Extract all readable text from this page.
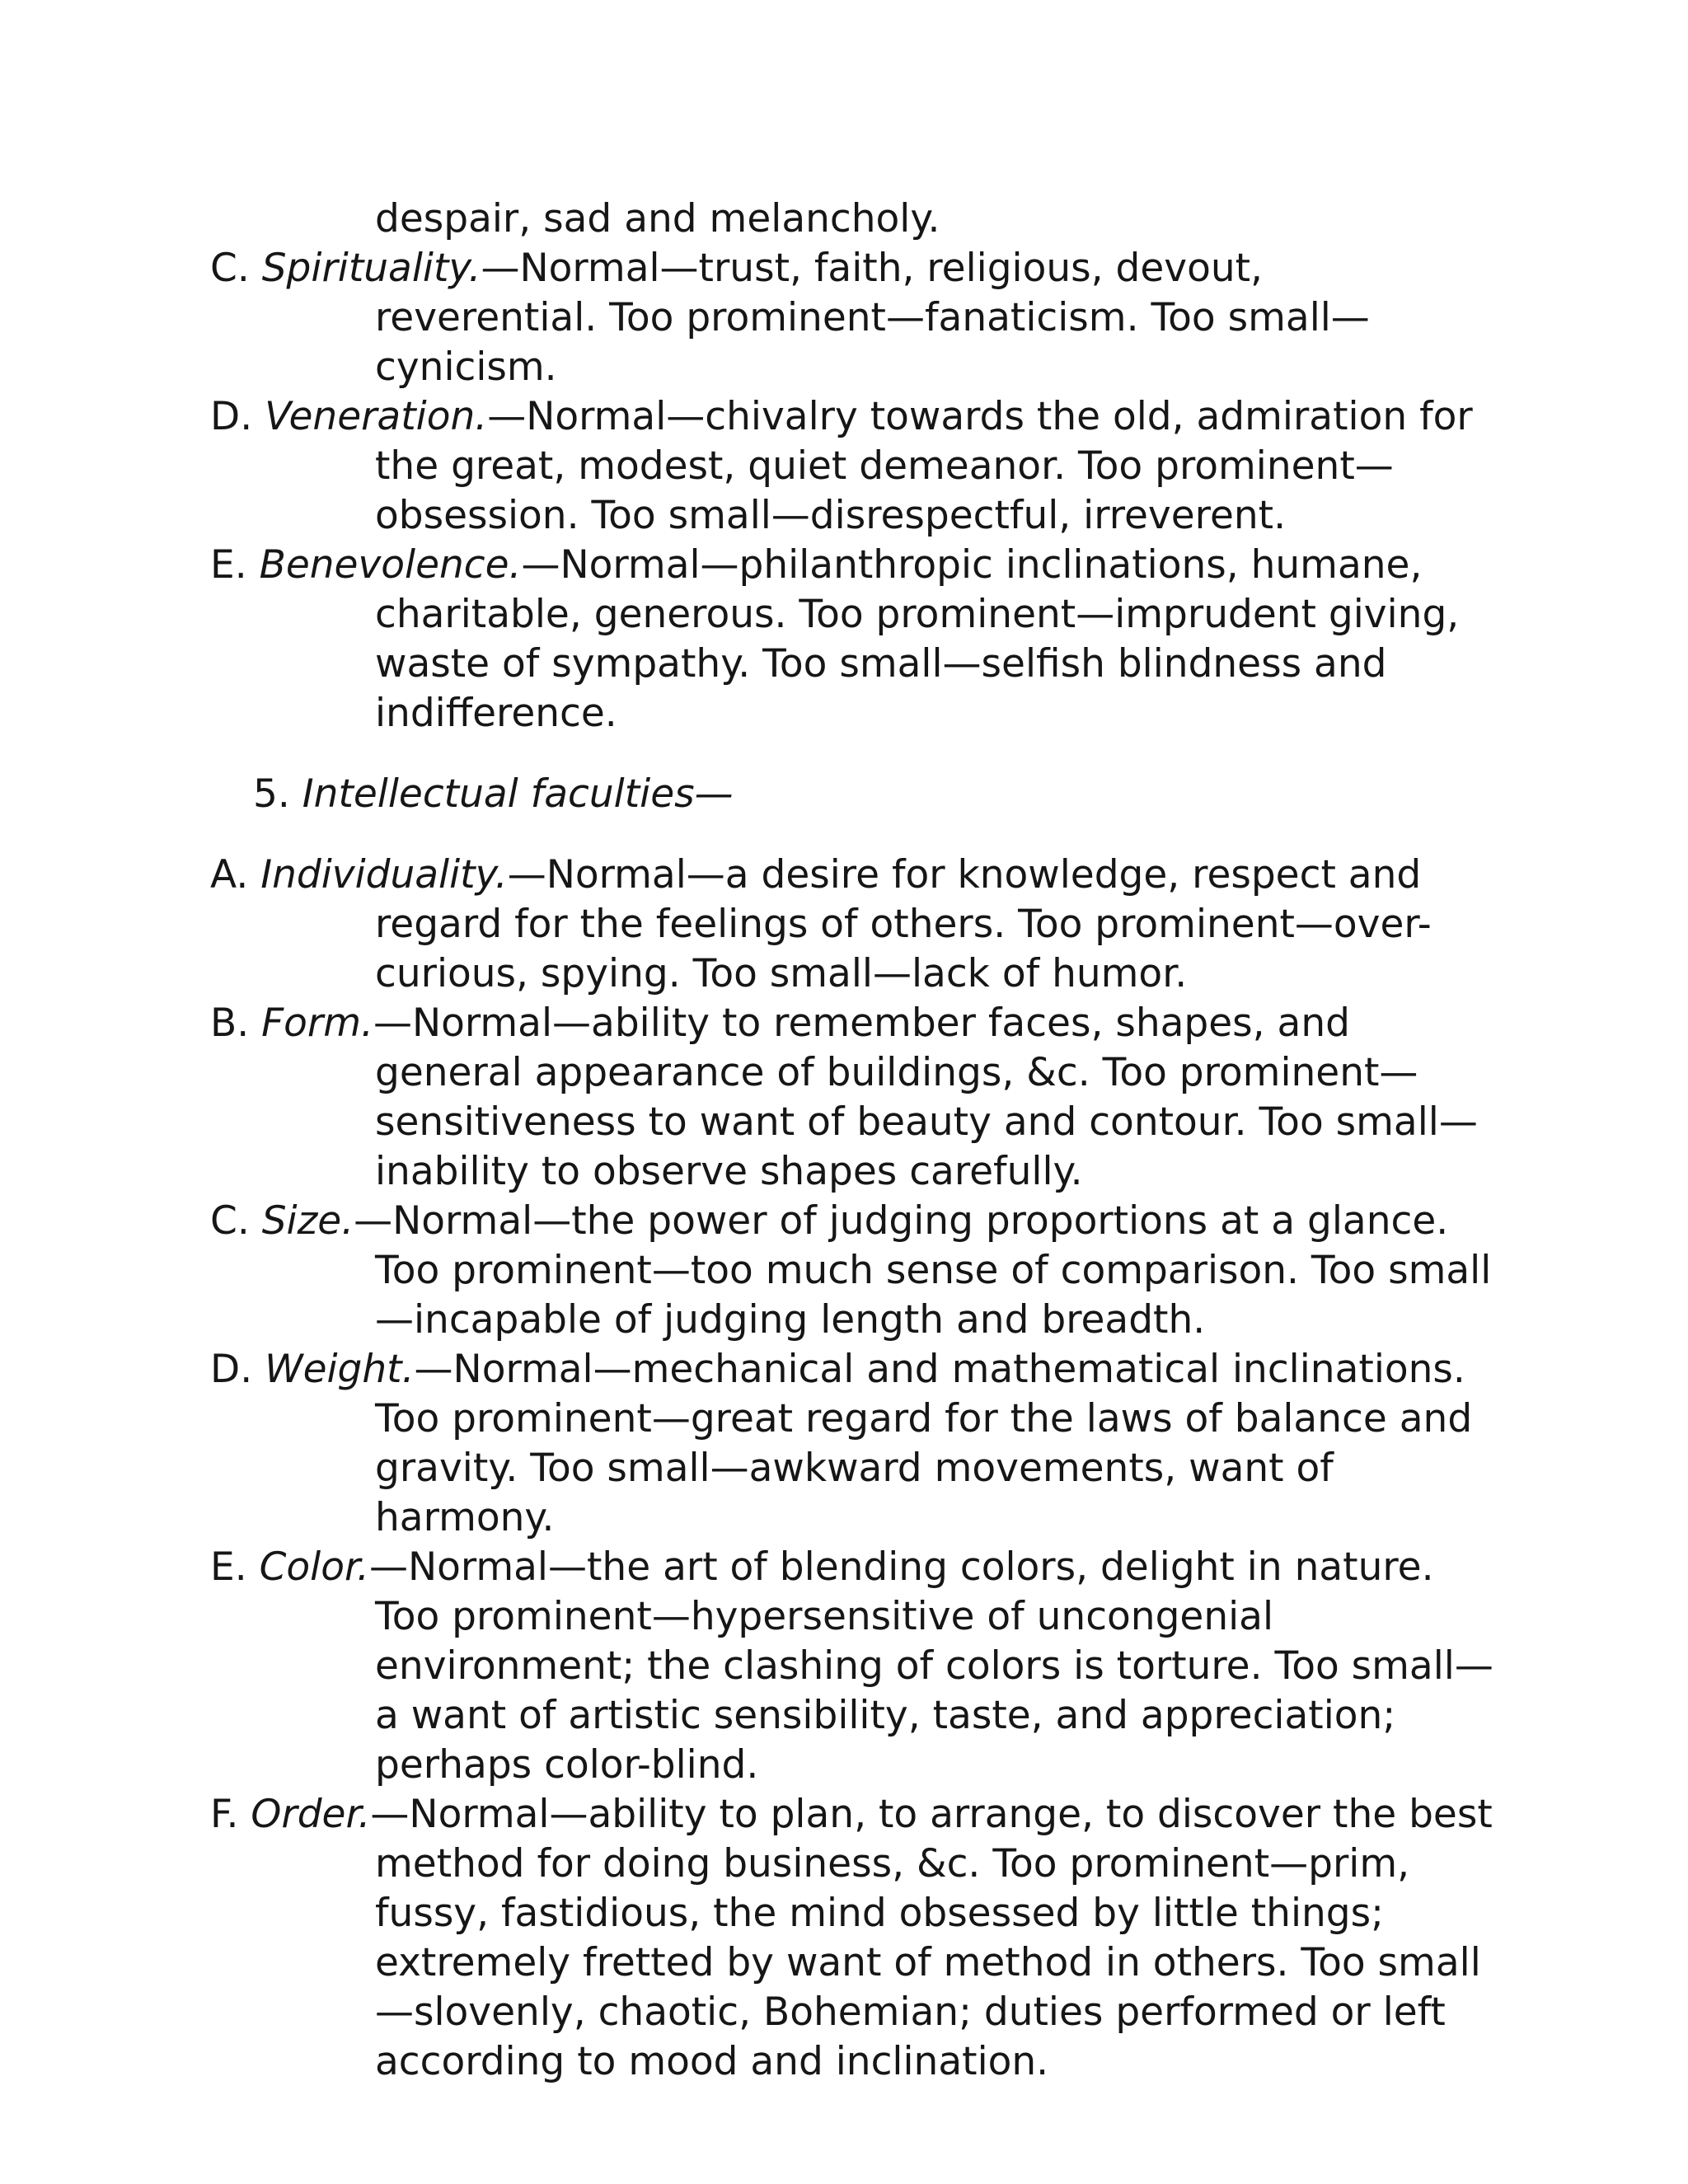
despair, sad and melancholy.
C. Spirituality.—Normal—trust, faith, religious, devout, reverential. Too prominent—fanaticism. Too small—cynicism.
D. Veneration.—Normal—chivalry towards the old, admiration for the great, modest, quiet demeanor. Too prominent—obsession. Too small—disrespectful, irreverent.
E. Benevolence.—Normal—philanthropic inclinations, humane, charitable, generous. Too prominent—imprudent giving, waste of sympathy. Too small—selfish blindness and indifference.
5. Intellectual faculties—
A. Individuality.—Normal—a desire for knowledge, respect and regard for the feelings of others. Too prominent—over-curious, spying. Too small—lack of humor.
B. Form.—Normal—ability to remember faces, shapes, and general appearance of buildings, &c. Too prominent—sensitiveness to want of beauty and contour. Too small—inability to observe shapes carefully.
C. Size.—Normal—the power of judging proportions at a glance. Too prominent—too much sense of comparison. Too small—incapable of judging length and breadth.
D. Weight.—Normal—mechanical and mathematical inclinations. Too prominent—great regard for the laws of balance and gravity. Too small—awkward movements, want of harmony.
E. Color.—Normal—the art of blending colors, delight in nature. Too prominent—hypersensitive of uncongenial environment; the clashing of colors is torture. Too small—a want of artistic sensibility, taste, and appreciation; perhaps color-blind.
F. Order.—Normal—ability to plan, to arrange, to discover the best method for doing business, &c. Too prominent—prim, fussy, fastidious, the mind obsessed by little things; extremely fretted by want of method in others. Too small—slovenly, chaotic, Bohemian; duties performed or left according to mood and inclination.
